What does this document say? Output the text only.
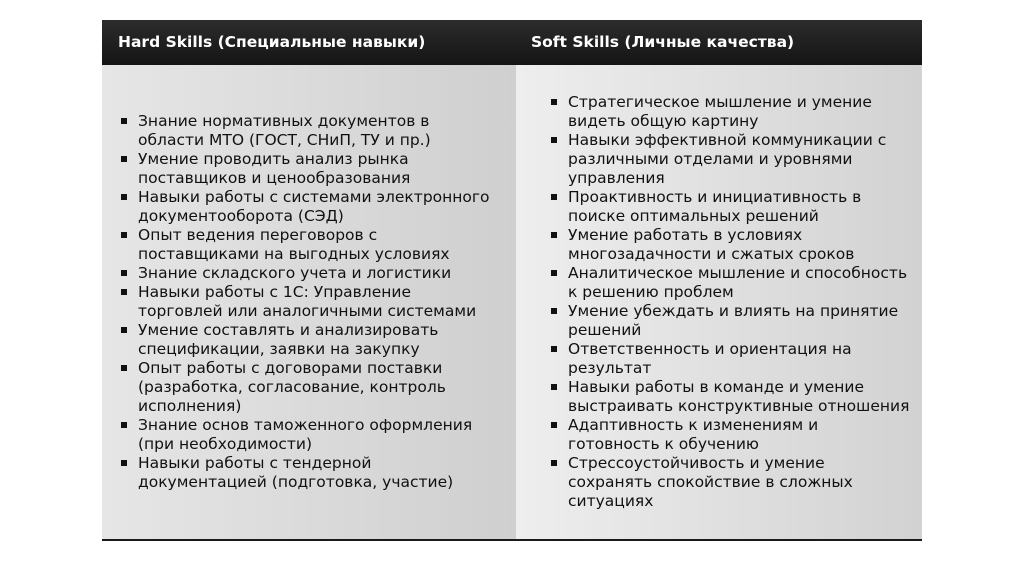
Hard Skills (Специальные навыки)	Soft Skills (Личные качества)
Знание нормативных документов в
области МТО (ГОСТ, СНиП, ТУ и пр.)
Умение проводить анализ рынка
поставщиков и ценообразования
Навыки работы с системами электронного
документооборота (СЭД)
Опыт ведения переговоров с
поставщиками на выгодных условиях
Знание складского учета и логистики
Навыки работы с 1С: Управление
торговлей или аналогичными системами
Умение составлять и анализировать
спецификации, заявки на закупку
Опыт работы с договорами поставки
(разработка, согласование, контроль
исполнения)
Знание основ таможенного оформления
(при необходимости)
Навыки работы с тендерной
документацией (подготовка, участие)
Стратегическое мышление и умение
видеть общую картину
Навыки эффективной коммуникации с
различными отделами и уровнями
управления
Проактивность и инициативность в
поиске оптимальных решений
Умение работать в условиях
многозадачности и сжатых сроков
Аналитическое мышление и способность
к решению проблем
Умение убеждать и влиять на принятие
решений
Ответственность и ориентация на
результат
Навыки работы в команде и умение
выстраивать конструктивные отношения
Адаптивность к изменениям и
готовность к обучению
Стрессоустойчивость и умение
сохранять спокойствие в сложных
ситуациях
